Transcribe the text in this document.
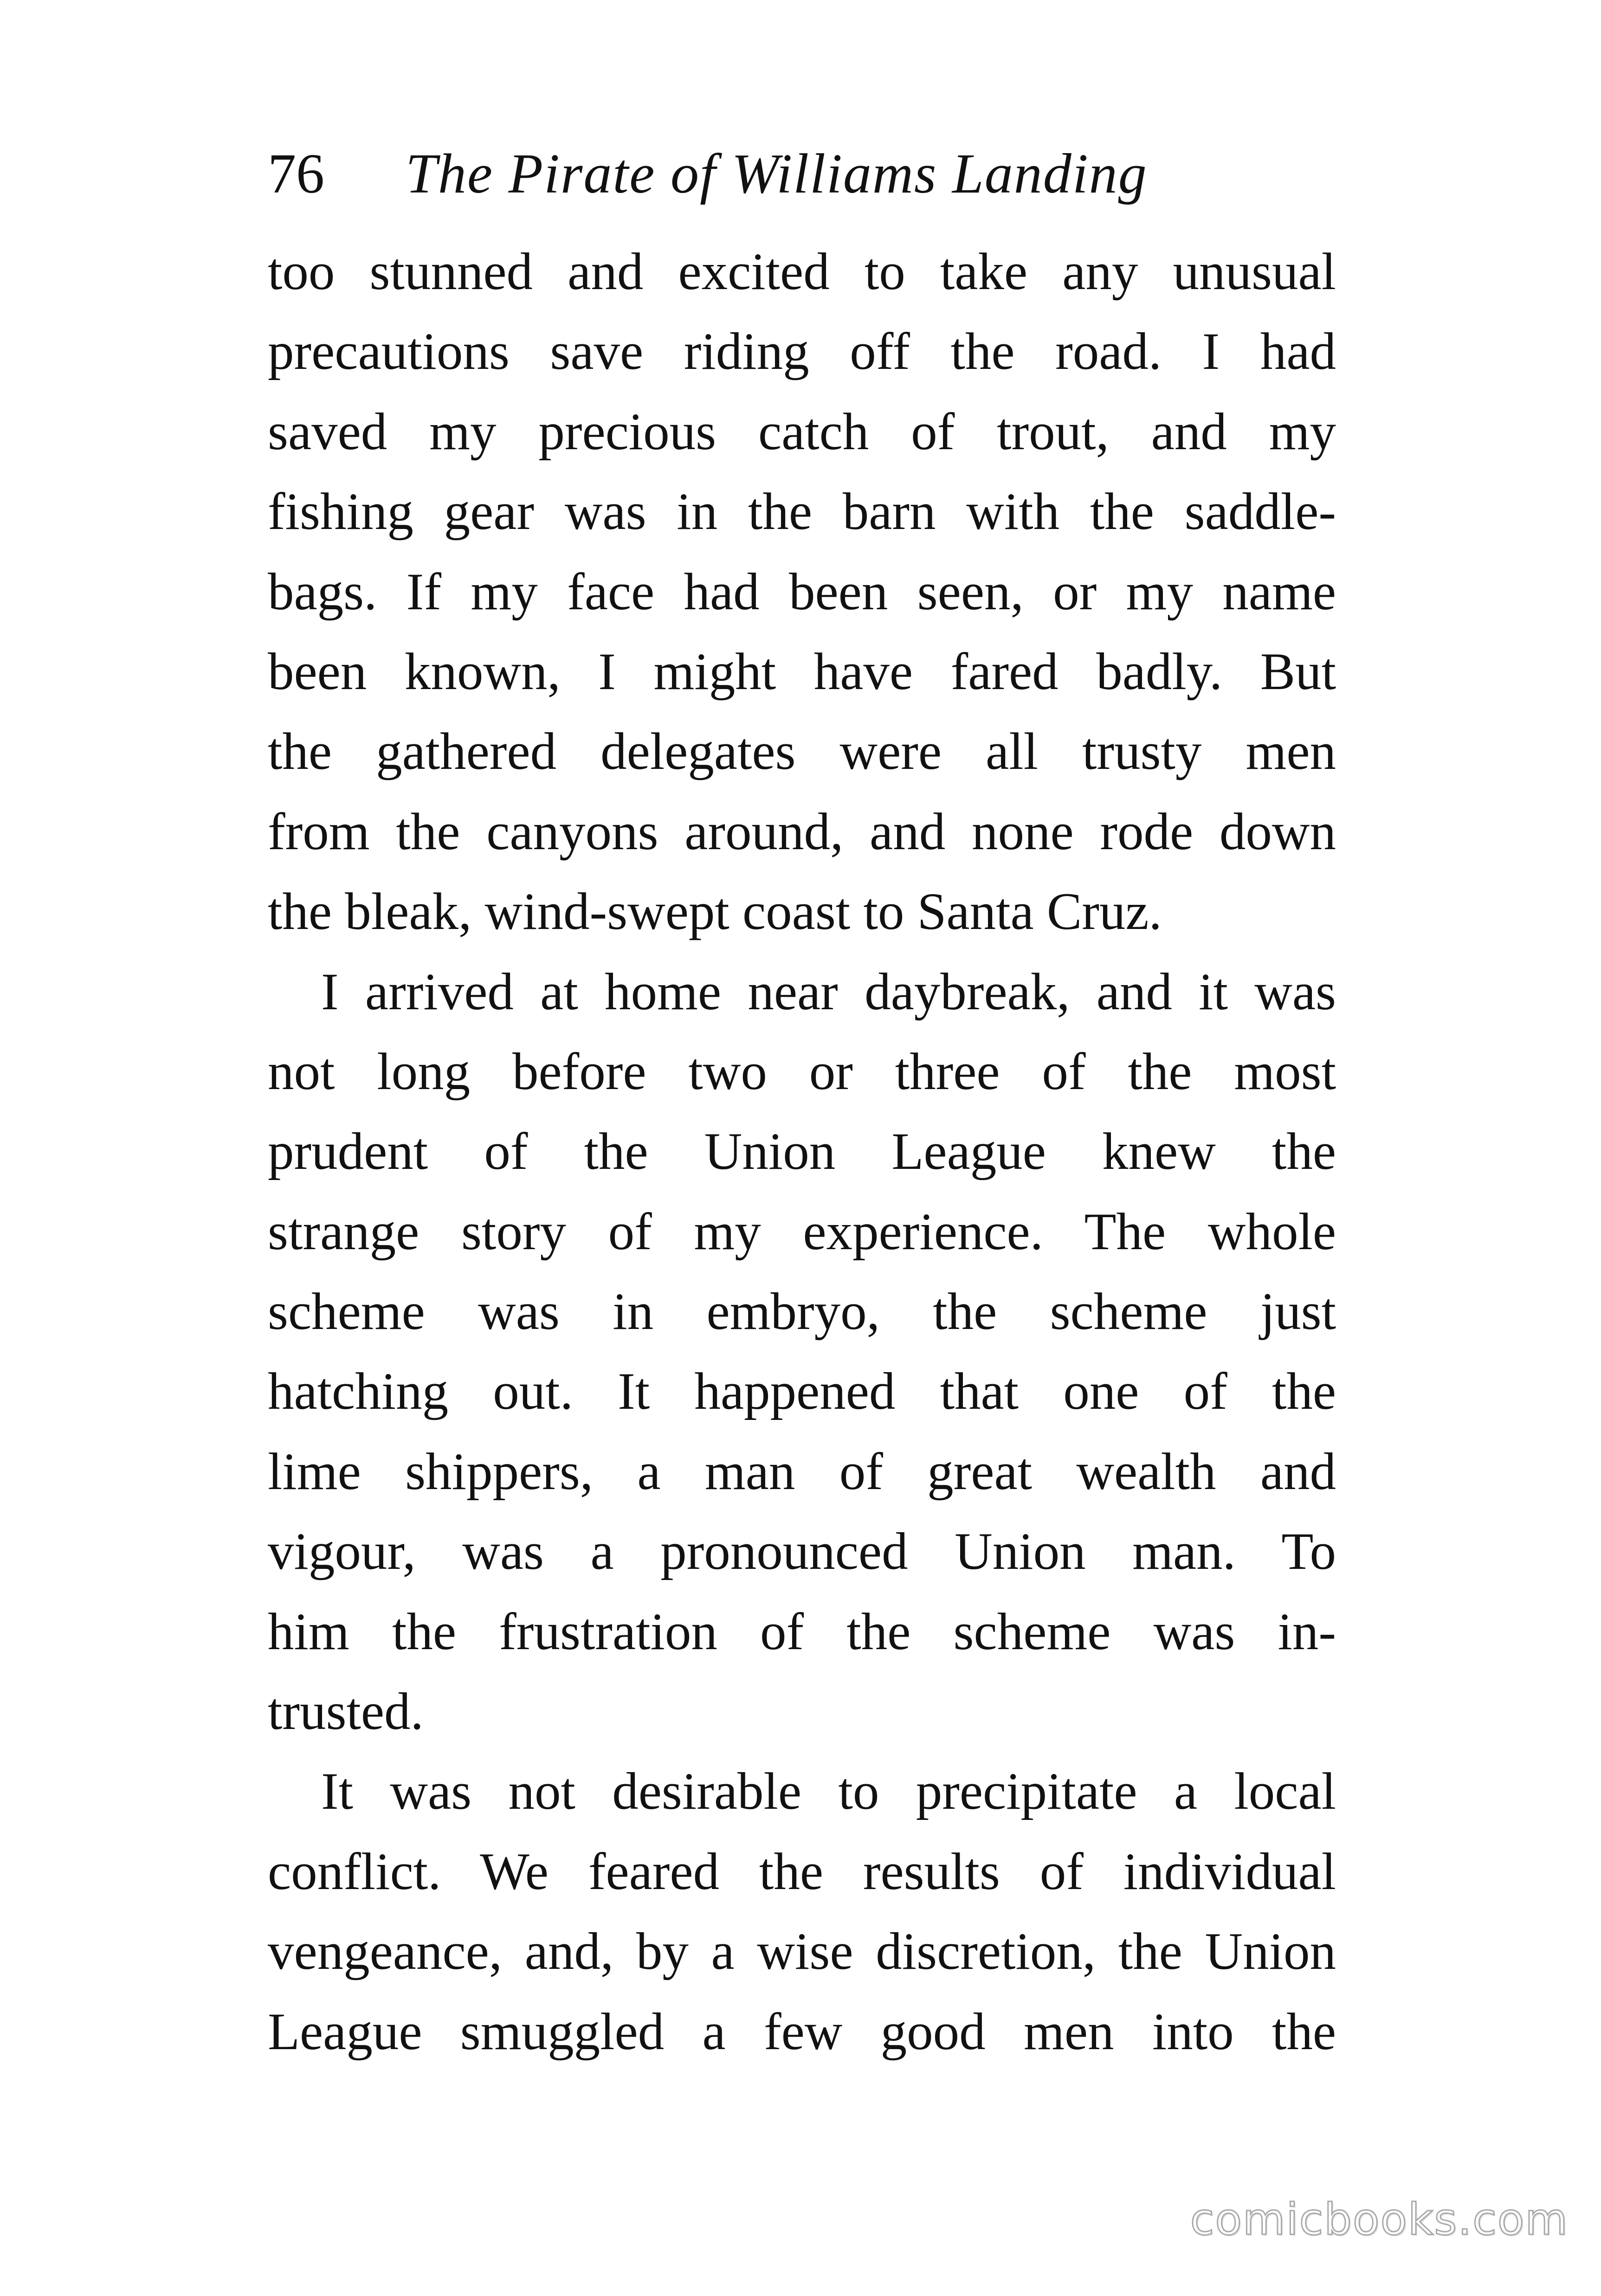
76 The Pirate of Williams Landing
too stunned and excited to take any unusual
precautions save riding off the road. I had
saved my precious catch of trout, and my
fishing gear was in the barn with the saddle-
bags. If my face had been seen, or my name
been known, I might have fared badly. But
the gathered delegates were all trusty men
from the canyons around, and none rode down
the bleak, wind-swept coast to Santa Cruz.
I arrived at home near daybreak, and it was
not long before two or three of the most
prudent of the Union League knew the
strange story of my experience. The whole
scheme was in embryo, the scheme just
hatching out. It happened that one of the
lime shippers, a man of great wealth and
vigour, was a pronounced Union man. To
him the frustration of the scheme was in-
trusted.
It was not desirable to precipitate a local
conflict. We feared the results of individual
vengeance, and, by a wise discretion, the Union
League smuggled a few good men into the
comicbooks.com
